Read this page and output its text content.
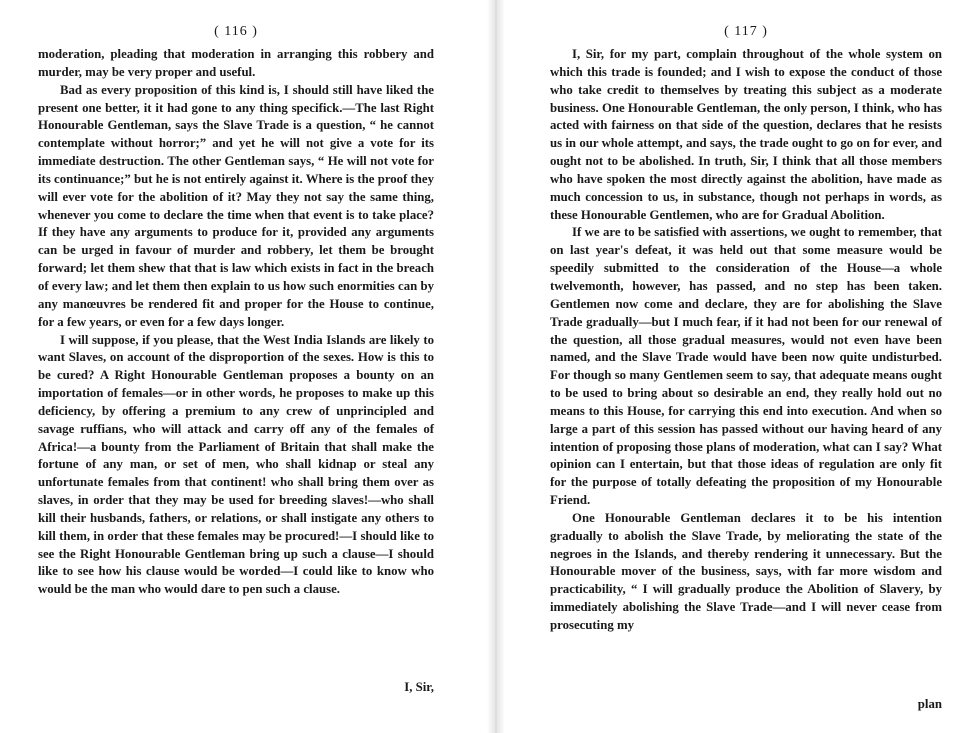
( 116 )

moderation, pleading that moderation in arranging this robbery and murder, may be very proper and useful.

Bad as every proposition of this kind is, I should still have liked the present one better, it it had gone to any thing specifick.—The last Right Honourable Gentleman, says the Slave Trade is a question, “ he cannot contemplate without horror;” and yet he will not give a vote for its immediate destruction. The other Gentleman says, “ He will not vote for its continuance;” but he is not entirely against it. Where is the proof they will ever vote for the abolition of it? May they not say the same thing, whenever you come to declare the time when that event is to take place? If they have any arguments to produce for it, provided any arguments can be urged in favour of murder and robbery, let them be brought forward; let them shew that that is law which exists in fact in the breach of every law; and let them then explain to us how such enormities can by any manœuvres be rendered fit and proper for the House to continue, for a few years, or even for a few days longer.

I will suppose, if you please, that the West India Islands are likely to want Slaves, on account of the disproportion of the sexes. How is this to be cured? A Right Honourable Gentleman proposes a bounty on an importation of females—or in other words, he proposes to make up this deficiency, by offering a premium to any crew of unprincipled and savage ruffians, who will attack and carry off any of the females of Africa!—a bounty from the Parliament of Britain that shall make the fortune of any man, or set of men, who shall kidnap or steal any unfortunate females from that continent! who shall bring them over as slaves, in order that they may be used for breeding slaves!—who shall kill their husbands, fathers, or relations, or shall instigate any others to kill them, in order that these females may be procured!—I should like to see the Right Honourable Gentleman bring up such a clause—I should like to see how his clause would be worded—I could like to know who would be the man who would dare to pen such a clause.

I, Sir,
( 117 )

I, Sir, for my part, complain throughout of the whole system on which this trade is founded; and I wish to expose the conduct of those who take credit to themselves by treating this subject as a moderate business. One Honourable Gentleman, the only person, I think, who has acted with fairness on that side of the question, declares that he resists us in our whole attempt, and says, the trade ought to go on for ever, and ought not to be abolished. In truth, Sir, I think that all those members who have spoken the most directly against the abolition, have made as much concession to us, in substance, though not perhaps in words, as these Honourable Gentlemen, who are for Gradual Abolition.

If we are to be satisfied with assertions, we ought to remember, that on last year's defeat, it was held out that some measure would be speedily submitted to the consideration of the House—a whole twelvemonth, however, has passed, and no step has been taken. Gentlemen now come and declare, they are for abolishing the Slave Trade gradually—but I much fear, if it had not been for our renewal of the question, all those gradual measures, would not even have been named, and the Slave Trade would have been now quite undisturbed. For though so many Gentlemen seem to say, that adequate means ought to be used to bring about so desirable an end, they really hold out no means to this House, for carrying this end into execution. And when so large a part of this session has passed without our having heard of any intention of proposing those plans of moderation, what can I say? What opinion can I entertain, but that those ideas of regulation are only fit for the purpose of totally defeating the proposition of my Honourable Friend.

One Honourable Gentleman declares it to be his intention gradually to abolish the Slave Trade, by meliorating the state of the negroes in the Islands, and thereby rendering it unnecessary. But the Honourable mover of the business, says, with far more wisdom and practicability, “ I will gradually produce the Abolition of Slavery, by immediately abolishing the Slave Trade—and I will never cease from prosecuting my

plan
